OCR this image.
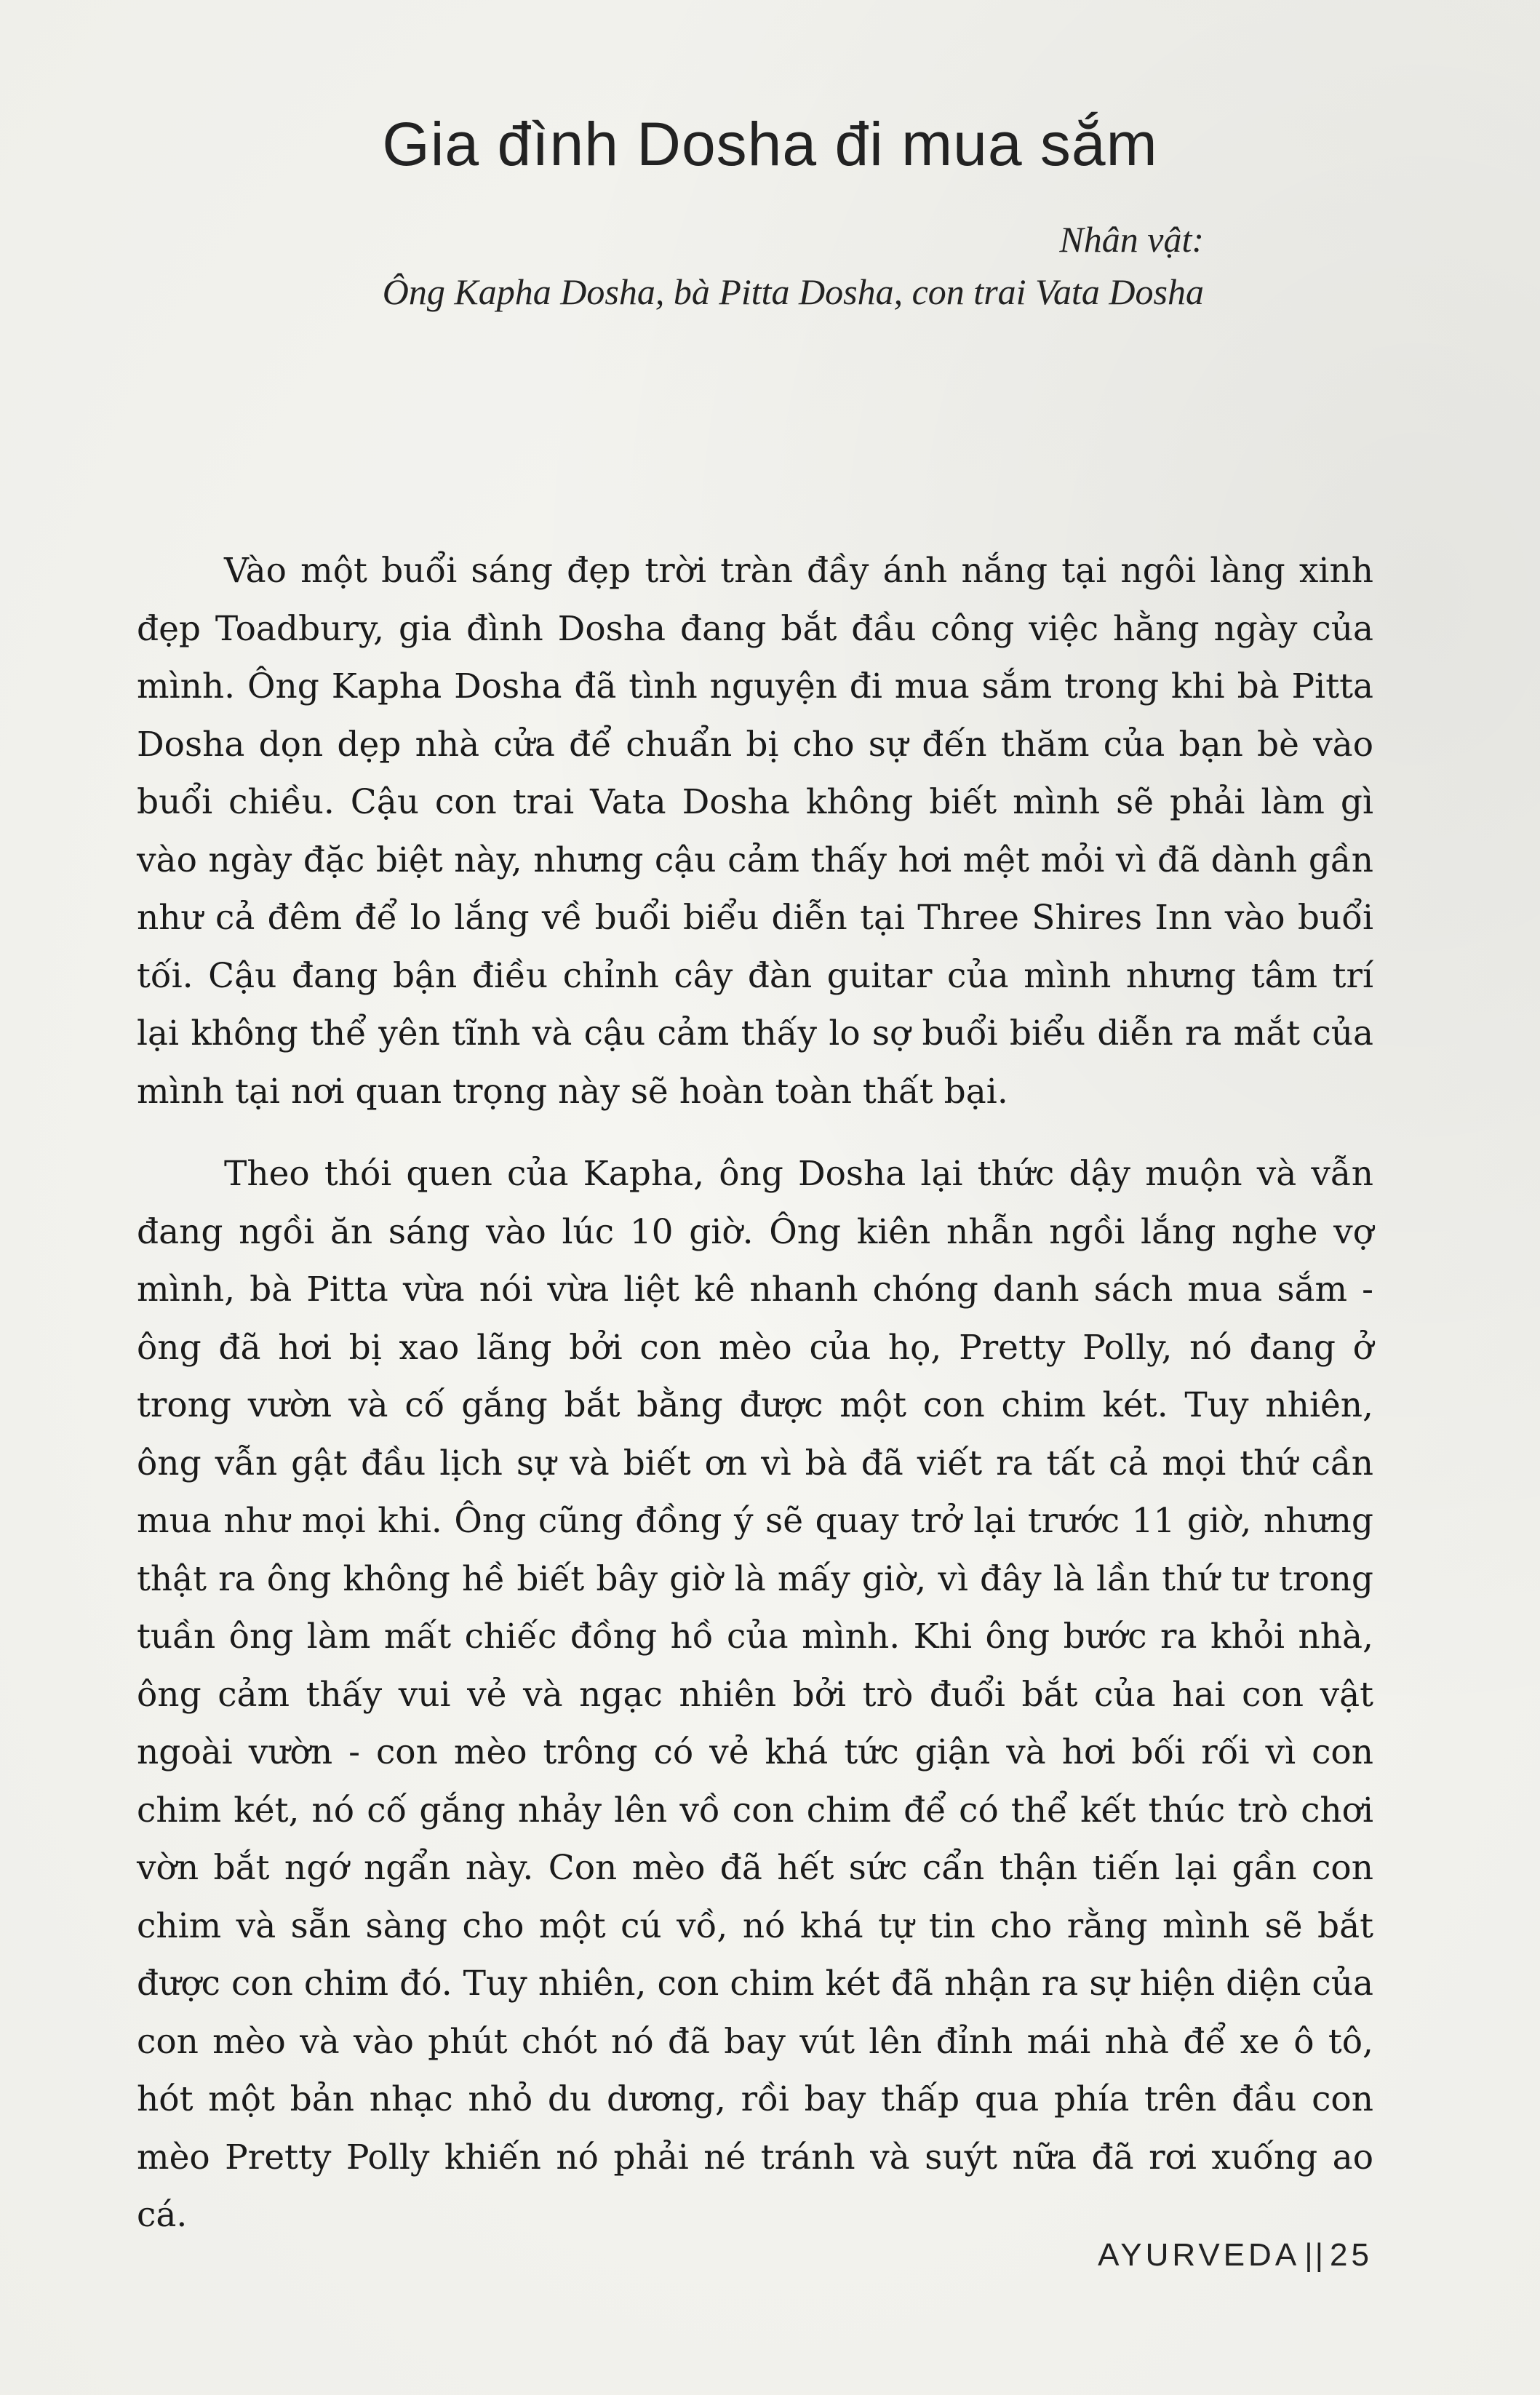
Gia đình Dosha đi mua sắm

Nhân vật:

Ông Kapha Dosha, bà Pitta Dosha, con trai Vata Dosha

Vào một buổi sáng đẹp trời tràn đầy ánh nắng tại ngôi làng xinh đẹp Toadbury, gia đình Dosha đang bắt đầu công việc hằng ngày của mình. Ông Kapha Dosha đã tình nguyện đi mua sắm trong khi bà Pitta Dosha dọn dẹp nhà cửa để chuẩn bị cho sự đến thăm của bạn bè vào buổi chiều. Cậu con trai Vata Dosha không biết mình sẽ phải làm gì vào ngày đặc biệt này, nhưng cậu cảm thấy hơi mệt mỏi vì đã dành gần như cả đêm để lo lắng về buổi biểu diễn tại Three Shires Inn vào buổi tối. Cậu đang bận điều chỉnh cây đàn guitar của mình nhưng tâm trí lại không thể yên tĩnh và cậu cảm thấy lo sợ buổi biểu diễn ra mắt của mình tại nơi quan trọng này sẽ hoàn toàn thất bại.

Theo thói quen của Kapha, ông Dosha lại thức dậy muộn và vẫn đang ngồi ăn sáng vào lúc 10 giờ. Ông kiên nhẫn ngồi lắng nghe vợ mình, bà Pitta vừa nói vừa liệt kê nhanh chóng danh sách mua sắm - ông đã hơi bị xao lãng bởi con mèo của họ, Pretty Polly, nó đang ở trong vườn và cố gắng bắt bằng được một con chim két. Tuy nhiên, ông vẫn gật đầu lịch sự và biết ơn vì bà đã viết ra tất cả mọi thứ cần mua như mọi khi. Ông cũng đồng ý sẽ quay trở lại trước 11 giờ, nhưng thật ra ông không hề biết bây giờ là mấy giờ, vì đây là lần thứ tư trong tuần ông làm mất chiếc đồng hồ của mình. Khi ông bước ra khỏi nhà, ông cảm thấy vui vẻ và ngạc nhiên bởi trò đuổi bắt của hai con vật ngoài vườn - con mèo trông có vẻ khá tức giận và hơi bối rối vì con chim két, nó cố gắng nhảy lên vồ con chim để có thể kết thúc trò chơi vờn bắt ngớ ngẩn này. Con mèo đã hết sức cẩn thận tiến lại gần con chim và sẵn sàng cho một cú vồ, nó khá tự tin cho rằng mình sẽ bắt được con chim đó. Tuy nhiên, con chim két đã nhận ra sự hiện diện của con mèo và vào phút chót nó đã bay vút lên đỉnh mái nhà để xe ô tô, hót một bản nhạc nhỏ du dương, rồi bay thấp qua phía trên đầu con mèo Pretty Polly khiến nó phải né tránh và suýt nữa đã rơi xuống ao cá.

AYURVEDA || 25
